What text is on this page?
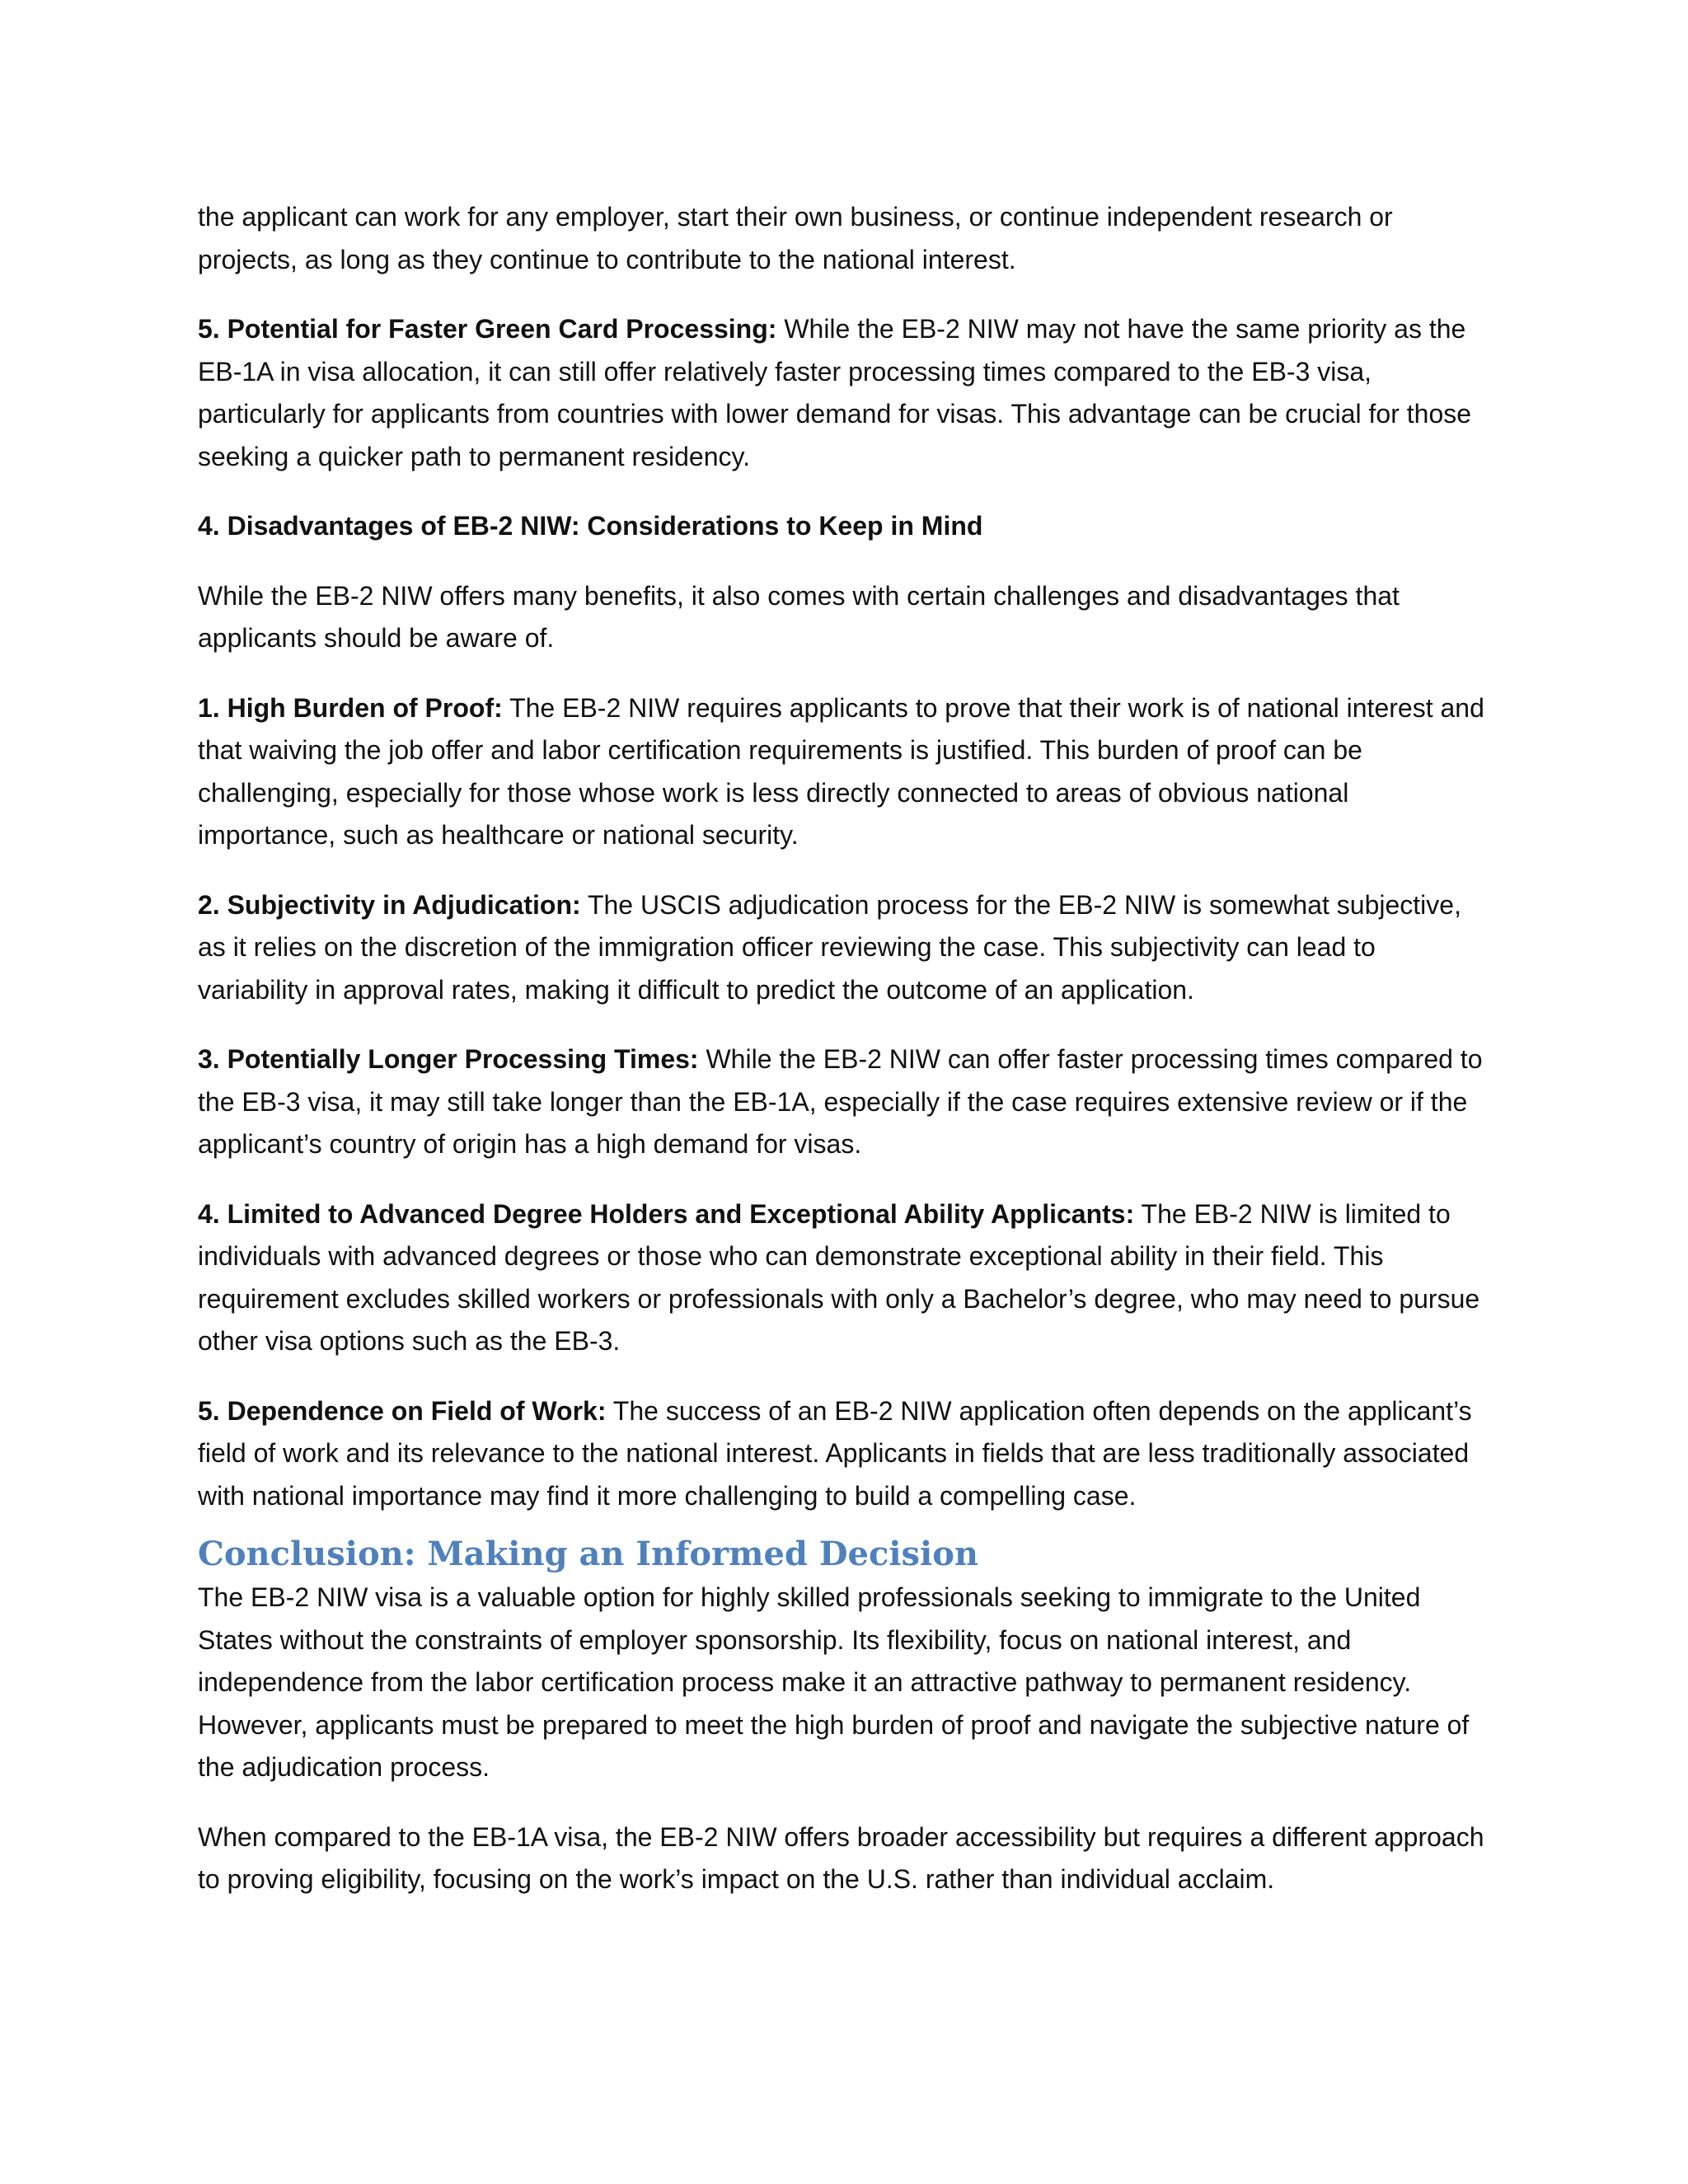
the applicant can work for any employer, start their own business, or continue independent research or projects, as long as they continue to contribute to the national interest.

5. Potential for Faster Green Card Processing: While the EB-2 NIW may not have the same priority as the EB-1A in visa allocation, it can still offer relatively faster processing times compared to the EB-3 visa, particularly for applicants from countries with lower demand for visas. This advantage can be crucial for those seeking a quicker path to permanent residency.

4. Disadvantages of EB-2 NIW: Considerations to Keep in Mind

While the EB-2 NIW offers many benefits, it also comes with certain challenges and disadvantages that applicants should be aware of.

1. High Burden of Proof: The EB-2 NIW requires applicants to prove that their work is of national interest and that waiving the job offer and labor certification requirements is justified. This burden of proof can be challenging, especially for those whose work is less directly connected to areas of obvious national importance, such as healthcare or national security.

2. Subjectivity in Adjudication: The USCIS adjudication process for the EB-2 NIW is somewhat subjective, as it relies on the discretion of the immigration officer reviewing the case. This subjectivity can lead to variability in approval rates, making it difficult to predict the outcome of an application.

3. Potentially Longer Processing Times: While the EB-2 NIW can offer faster processing times compared to the EB-3 visa, it may still take longer than the EB-1A, especially if the case requires extensive review or if the applicant’s country of origin has a high demand for visas.

4. Limited to Advanced Degree Holders and Exceptional Ability Applicants: The EB-2 NIW is limited to individuals with advanced degrees or those who can demonstrate exceptional ability in their field. This requirement excludes skilled workers or professionals with only a Bachelor’s degree, who may need to pursue other visa options such as the EB-3.

5. Dependence on Field of Work: The success of an EB-2 NIW application often depends on the applicant’s field of work and its relevance to the national interest. Applicants in fields that are less traditionally associated with national importance may find it more challenging to build a compelling case.

Conclusion: Making an Informed Decision

The EB-2 NIW visa is a valuable option for highly skilled professionals seeking to immigrate to the United States without the constraints of employer sponsorship. Its flexibility, focus on national interest, and independence from the labor certification process make it an attractive pathway to permanent residency. However, applicants must be prepared to meet the high burden of proof and navigate the subjective nature of the adjudication process.

When compared to the EB-1A visa, the EB-2 NIW offers broader accessibility but requires a different approach to proving eligibility, focusing on the work’s impact on the U.S. rather than individual acclaim.
